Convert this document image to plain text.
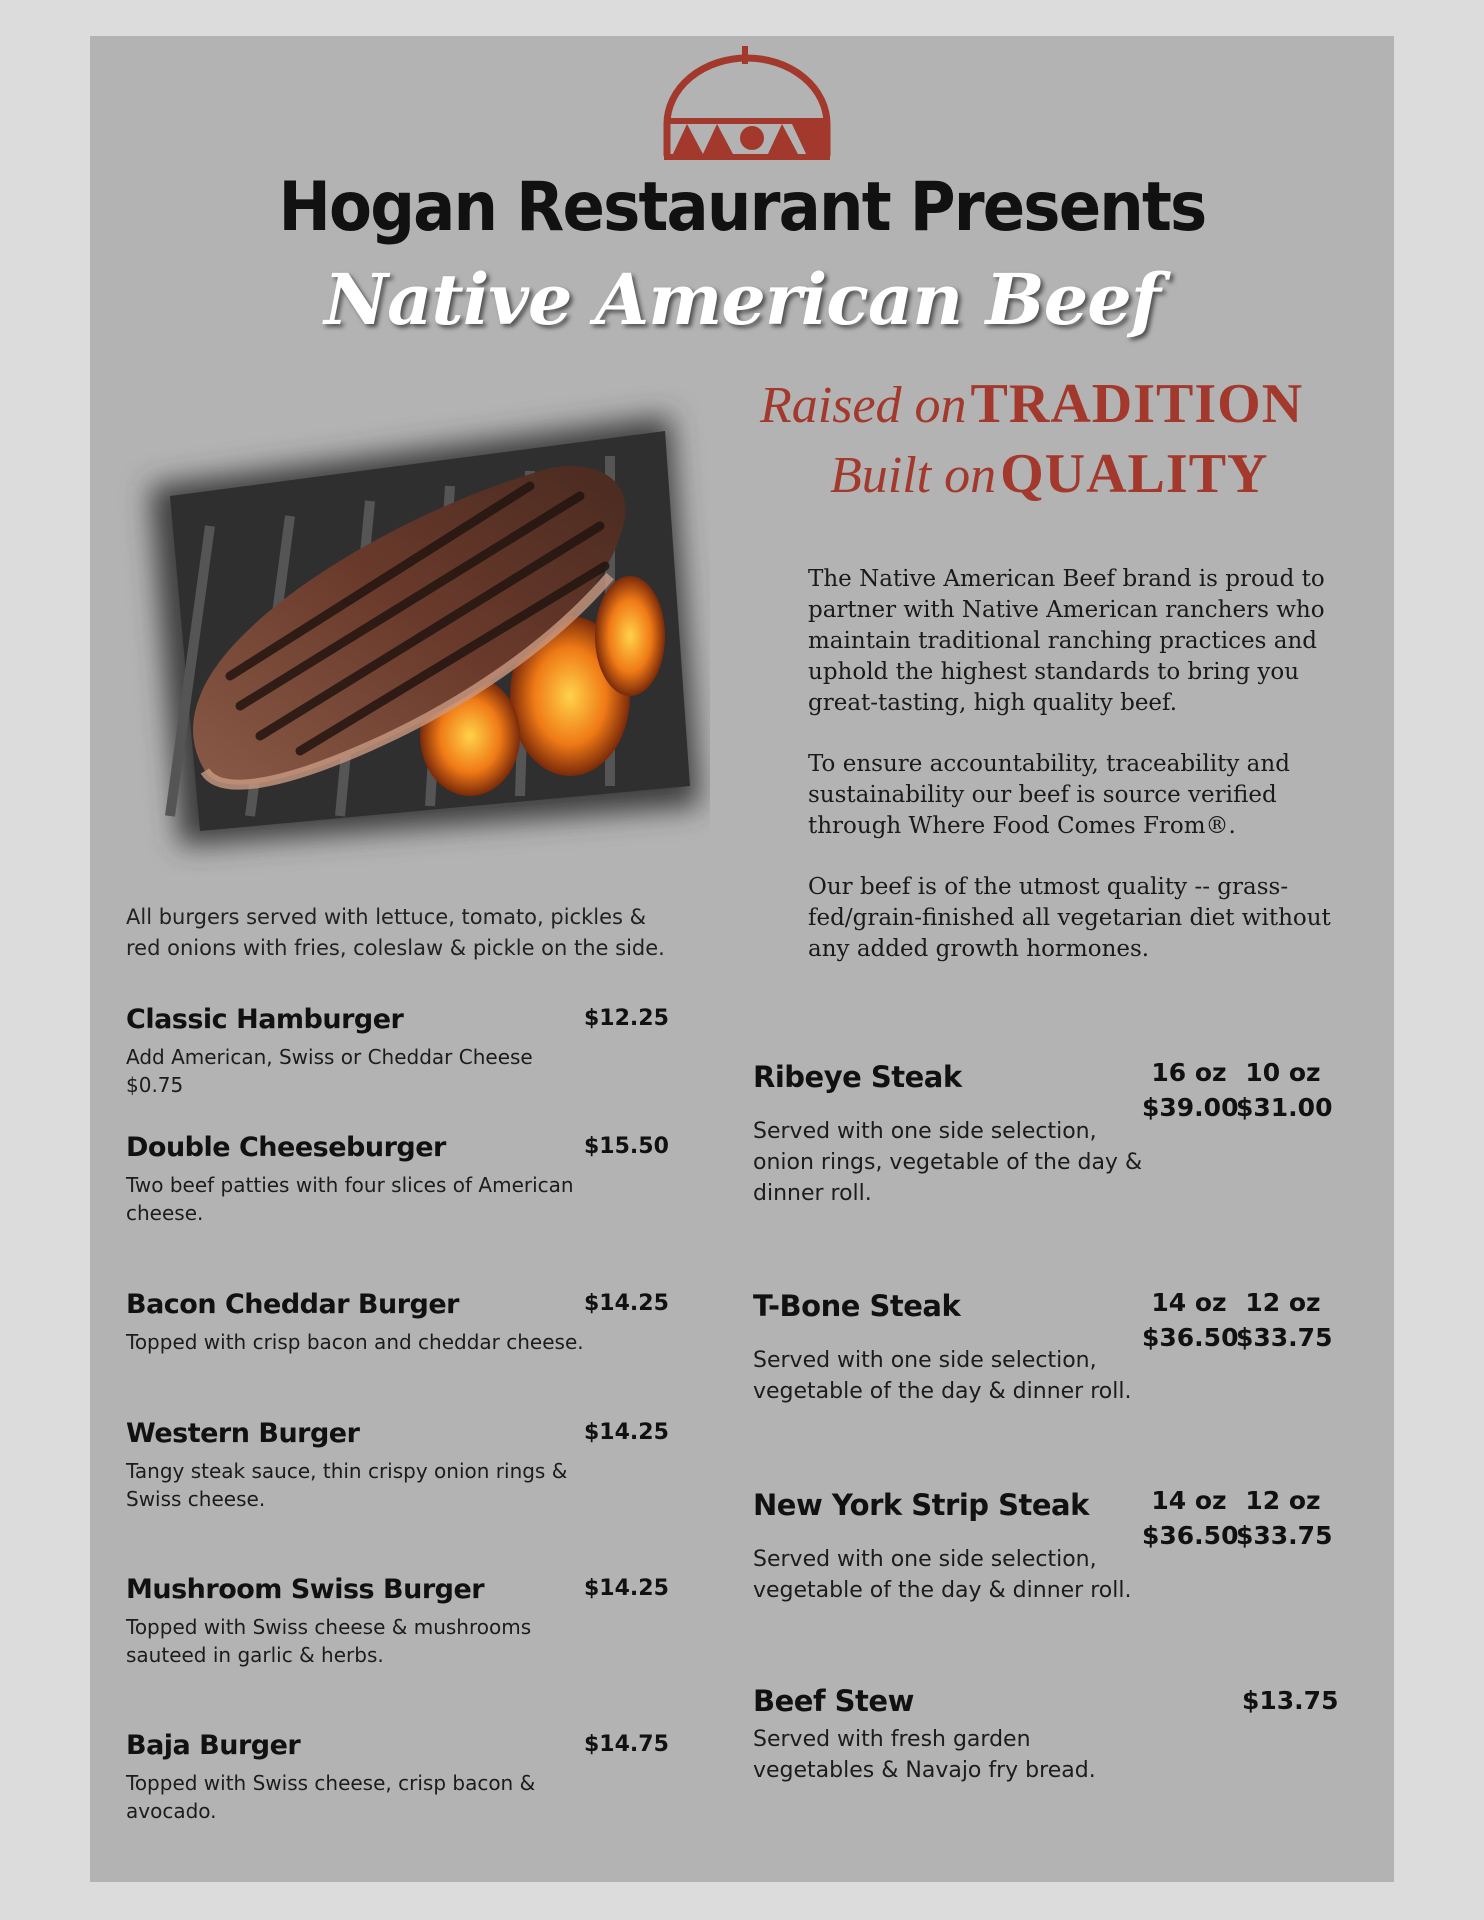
Hogan Restaurant Presents
Native American Beef
Raised on TRADITION
Built on QUALITY

The Native American Beef brand is proud to partner with Native American ranchers who maintain traditional ranching practices and uphold the highest standards to bring you great-tasting, high quality beef.

To ensure accountability, traceability and sustainability our beef is source verified through Where Food Comes From®.

Our beef is of the utmost quality -- grass-fed/grain-finished all vegetarian diet without any added growth hormones.

All burgers served with lettuce, tomato, pickles & red onions with fries, coleslaw & pickle on the side.
Classic Hamburger
Add American, Swiss or Cheddar Cheese $0.75
$12.25
Double Cheeseburger
Two beef patties with four slices of American cheese.
$15.50
Bacon Cheddar Burger
Topped with crisp bacon and cheddar cheese.
$14.25
Western Burger
Tangy steak sauce, thin crispy onion rings & Swiss cheese.
$14.25
Mushroom Swiss Burger
Topped with Swiss cheese & mushrooms sauteed in garlic & herbs.
$14.25
Baja Burger
Topped with Swiss cheese, crisp bacon & avocado.
$14.75
Ribeye Steak
Served with one side selection, onion rings, vegetable of the day & dinner roll.
16 oz 10 oz
$39.00
$31.00
T-Bone Steak
Served with one side selection, vegetable of the day & dinner roll.
14 oz 12 oz
$36.50
$33.75
New York Strip Steak
Served with one side selection, vegetable of the day & dinner roll.
14 oz 12 oz
$36.50
$33.75
Beef Stew
Served with fresh garden vegetables & Navajo fry bread.
$13.75
